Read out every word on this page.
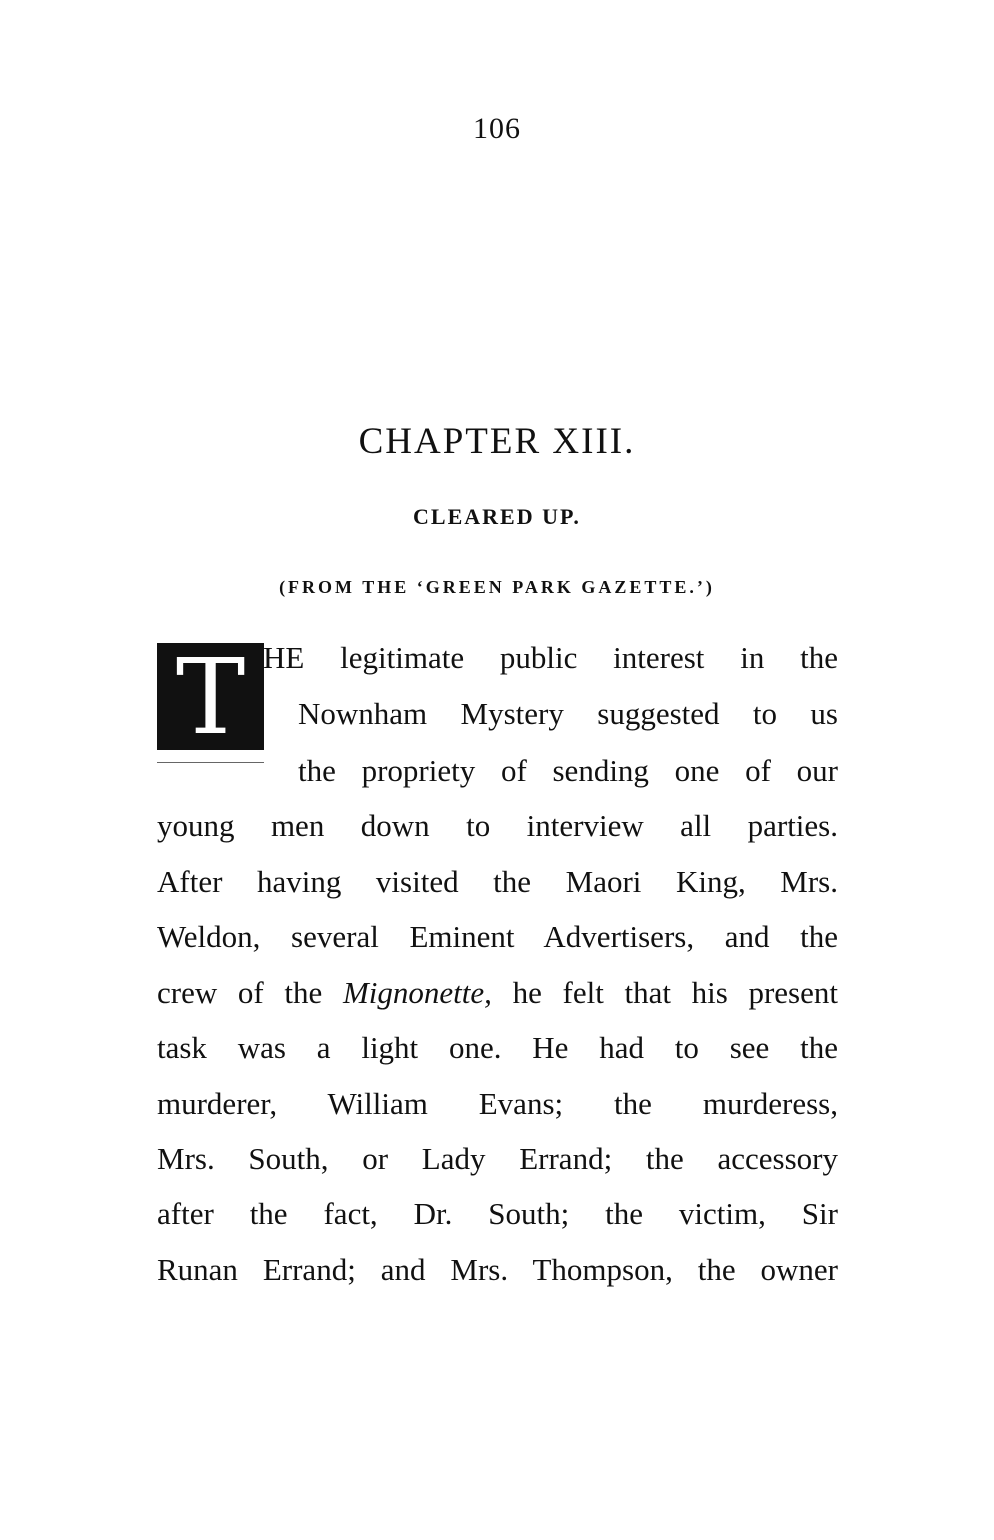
106
CHAPTER XIII.
CLEARED UP.
(FROM THE ‘GREEN PARK GAZETTE.’)
T HE legitimate public interest in the
Nownham Mystery suggested to us
the propriety of sending one of our
young men down to interview all parties.
After having visited the Maori King, Mrs.
Weldon, several Eminent Advertisers, and the
crew of the Mignonette, he felt that his present
task was a light one. He had to see the
murderer, William Evans; the murderess,
Mrs. South, or Lady Errand; the accessory
after the fact, Dr. South; the victim, Sir
Runan Errand; and Mrs. Thompson, the owner
